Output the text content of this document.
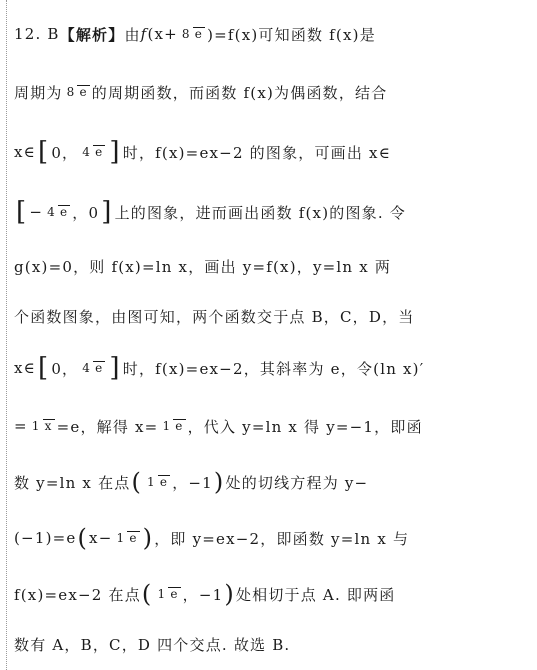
12. B 【解析】 由 f (x+ 8 e )=f(x)可知函数 f(x)是
周期为 8 e 的周期函数，而函数 f(x)为偶函数，结合
x∈ [ 0， 4 e ] 时，f(x)=ex−2 的图象，可画出 x∈
[ − 4 e ，0 ] 上的图象，进而画出函数 f(x)的图象. 令
g(x)=0，则 f(x)=ln x，画出 y=f(x)，y=ln x 两
个函数图象，由图可知，两个函数交于点 B，C，D，当
x∈ [ 0， 4 e ] 时，f(x)=ex−2，其斜率为 e，令(ln x)′
= 1 x =e，解得 x= 1 e ，代入 y=ln x 得 y=−1，即函
数 y=ln x 在点 ( 1 e ，−1 ) 处的切线方程为 y−
(−1)=e ( x− 1 e ) ，即 y=ex−2，即函数 y=ln x 与
f(x)=ex−2 在点 ( 1 e ，−1 ) 处相切于点 A. 即两函
数有 A，B，C，D 四个交点. 故选 B.
